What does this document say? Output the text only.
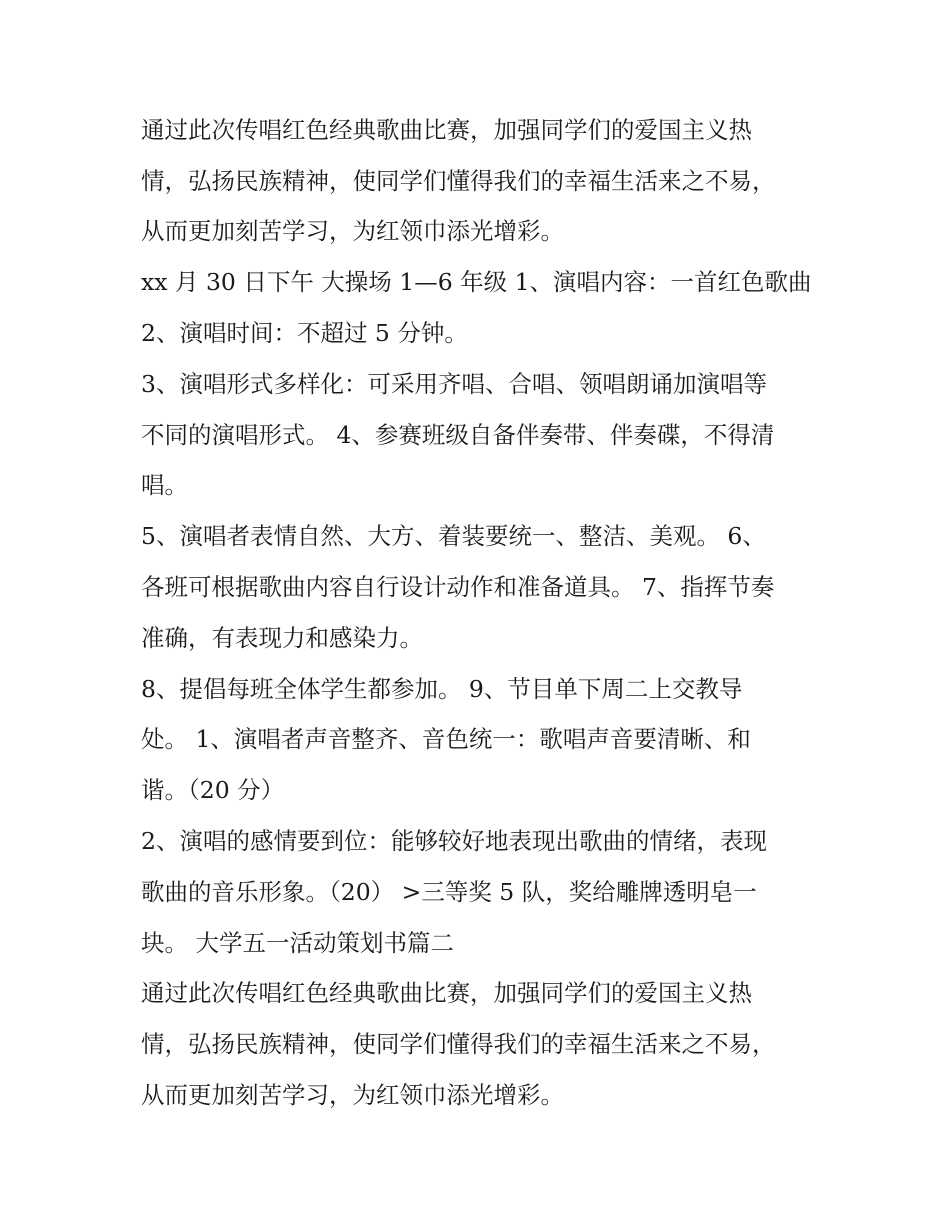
通过此次传唱红色经典歌曲比赛，加强同学们的爱国主义热
情，弘扬民族精神，使同学们懂得我们的幸福生活来之不易，
从而更加刻苦学习，为红领巾添光增彩。
xx 月 30 日下午 大操场 1—6 年级 1、演唱内容：一首红色歌曲
2、演唱时间：不超过 5 分钟。
3、演唱形式多样化：可采用齐唱、合唱、领唱朗诵加演唱等
不同的演唱形式。 4、参赛班级自备伴奏带、伴奏碟，不得清
唱。
5、演唱者表情自然、大方、着装要统一、整洁、美观。 6、
各班可根据歌曲内容自行设计动作和准备道具。 7、指挥节奏
准确，有表现力和感染力。
8、提倡每班全体学生都参加。 9、节目单下周二上交教导
处。 1、演唱者声音整齐、音色统一：歌唱声音要清晰、和
谐。（20 分）
2、演唱的感情要到位：能够较好地表现出歌曲的情绪，表现
歌曲的音乐形象。（20） >三等奖 5 队，奖给雕牌透明皂一
块。 大学五一活动策划书篇二
通过此次传唱红色经典歌曲比赛，加强同学们的爱国主义热
情，弘扬民族精神，使同学们懂得我们的幸福生活来之不易，
从而更加刻苦学习，为红领巾添光增彩。
